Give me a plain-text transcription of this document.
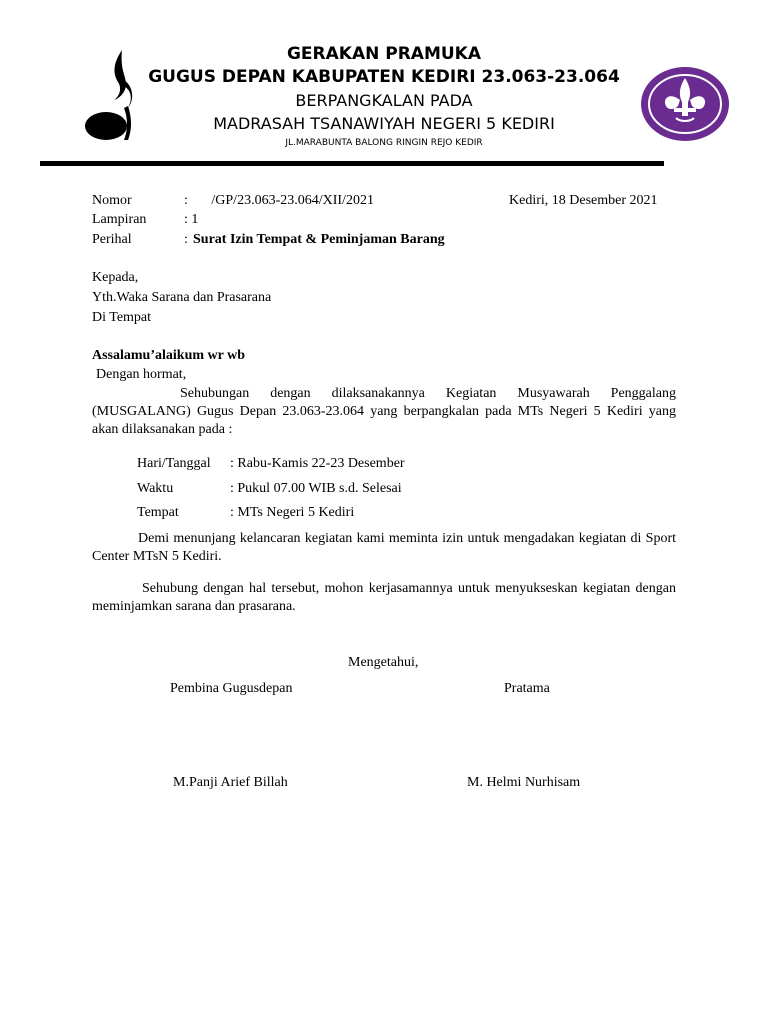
GERAKAN PRAMUKA
GUGUS DEPAN KABUPATEN KEDIRI 23.063-23.064
BERPANGKALAN PADA
MADRASAH TSANAWIYAH NEGERI 5 KEDIRI
JL.MARABUNTA BALONG RINGIN REJO KEDIR
Nomor	: /GP/23.063-23.064/XII/2021	Kediri, 18 Desember 2021
Lampiran	: 1
Perihal	: Surat Izin Tempat & Peminjaman Barang
Kepada,
Yth.Waka Sarana dan Prasarana
Di Tempat
Assalamu’alaikum wr wb
Dengan hormat,
Sehubungan dengan dilaksanakannya Kegiatan Musyawarah Penggalang (MUSGALANG) Gugus Depan 23.063-23.064 yang berpangkalan pada MTs Negeri 5 Kediri yang akan dilaksanakan pada :
Hari/Tanggal : Rabu-Kamis 22-23 Desember
Waktu	: Pukul 07.00 WIB s.d. Selesai
Tempat	: MTs Negeri 5 Kediri
Demi menunjang kelancaran kegiatan kami meminta izin untuk mengadakan kegiatan di Sport Center MTsN 5 Kediri.
Sehubung dengan hal tersebut, mohon kerjasamannya untuk menyukseskan kegiatan dengan meminjamkan sarana dan prasarana.
Mengetahui,
Pembina Gugusdepan	Pratama
M.Panji Arief Billah	M. Helmi Nurhisam
